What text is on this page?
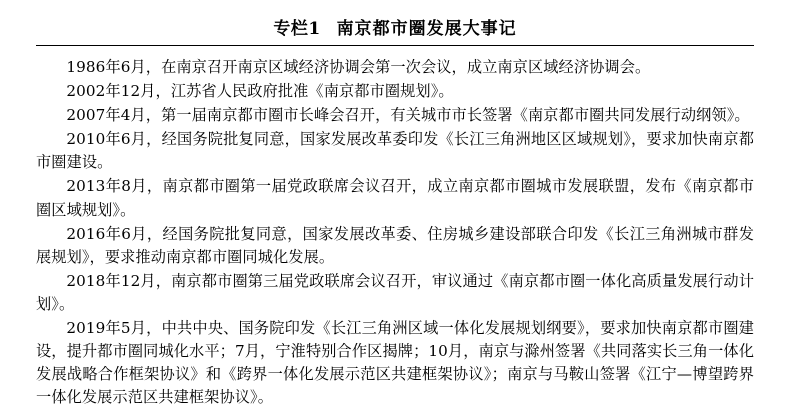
专栏1 南京都市圈发展大事记

1986年6月，在南京召开南京区域经济协调会第一次会议，成立南京区域经济协调会。

2002年12月，江苏省人民政府批准《南京都市圈规划》。

2007年4月，第一届南京都市圈市长峰会召开，有关城市市长签署《南京都市圈共同发展行动纲领》。

2010年6月，经国务院批复同意，国家发展改革委印发《长江三角洲地区区域规划》，要求加快南京都市圈建设。

2013年8月，南京都市圈第一届党政联席会议召开，成立南京都市圈城市发展联盟，发布《南京都市圈区域规划》。

2016年6月，经国务院批复同意，国家发展改革委、住房城乡建设部联合印发《长江三角洲城市群发展规划》，要求推动南京都市圈同城化发展。

2018年12月，南京都市圈第三届党政联席会议召开，审议通过《南京都市圈一体化高质量发展行动计划》。

2019年5月，中共中央、国务院印发《长江三角洲区域一体化发展规划纲要》，要求加快南京都市圈建设，提升都市圈同城化水平；7月，宁淮特别合作区揭牌；10月，南京与滁州签署《共同落实长三角一体化发展战略合作框架协议》和《跨界一体化发展示范区共建框架协议》；南京与马鞍山签署《江宁—博望跨界一体化发展示范区共建框架协议》。
